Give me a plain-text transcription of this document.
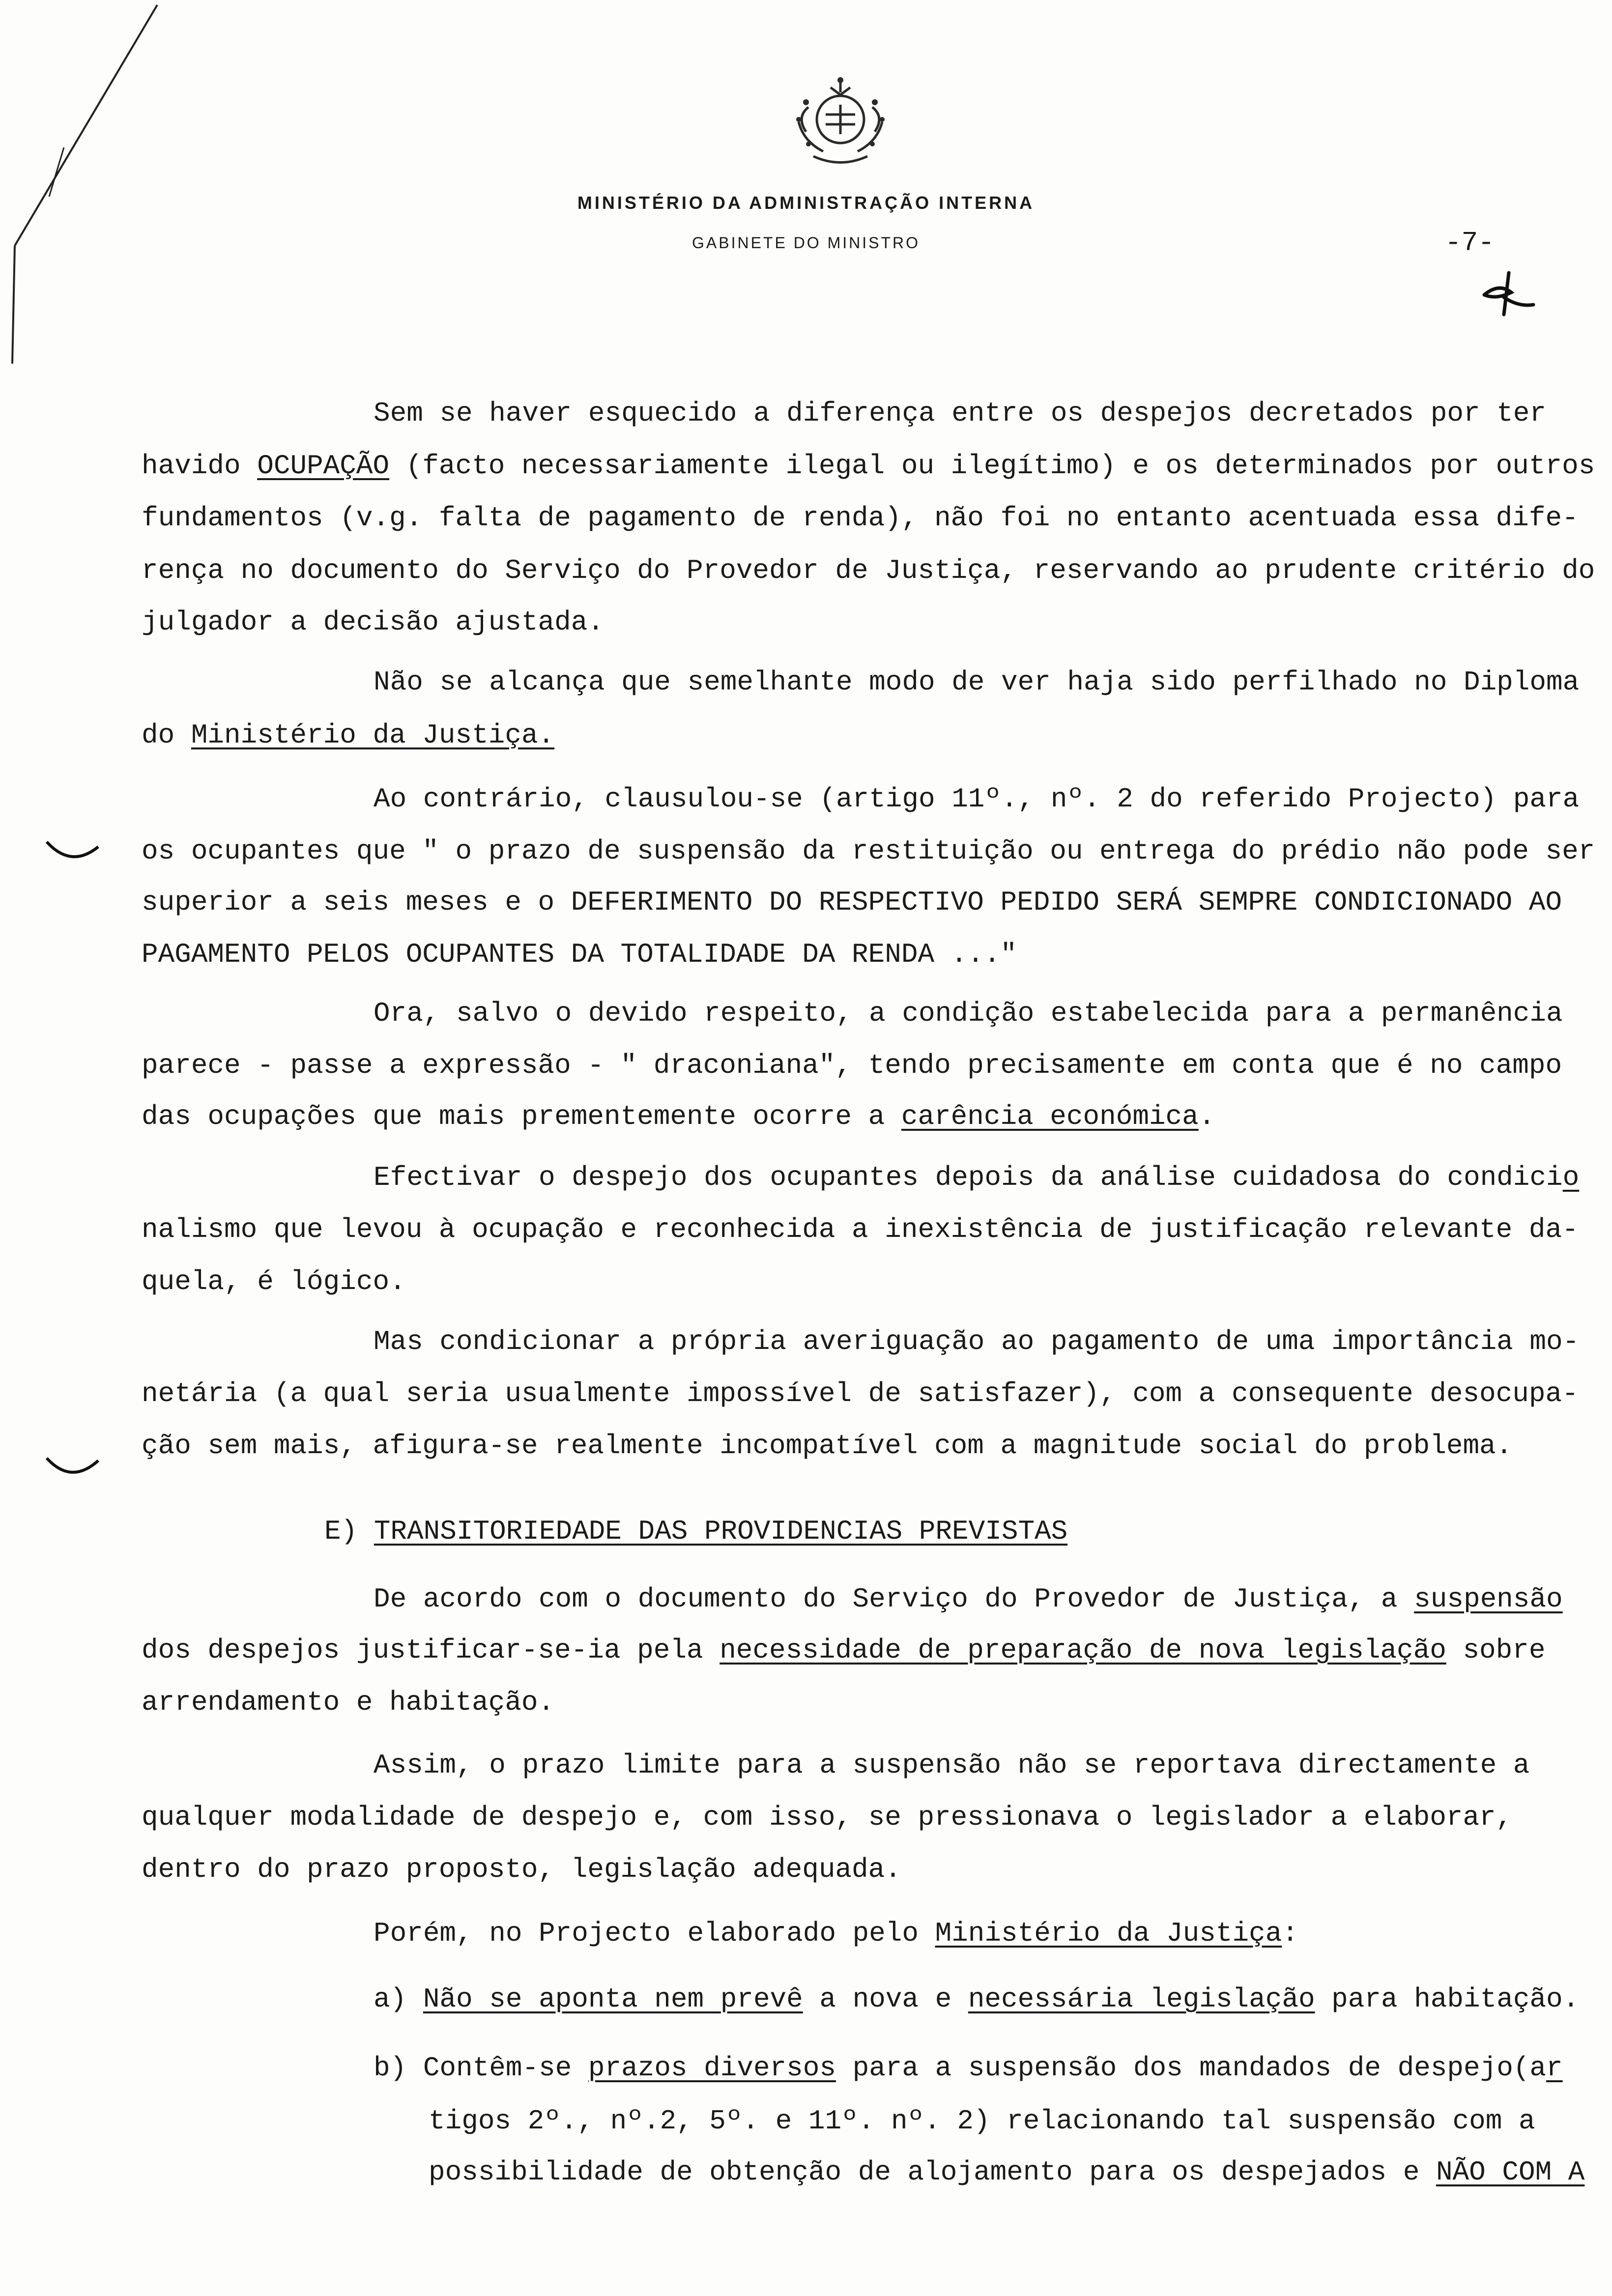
MINISTÉRIO DA ADMINISTRAÇÃO INTERNA
GABINETE DO MINISTRO	-7-
Sem se haver esquecido a diferença entre os despejos decretados por ter
havido OCUPAÇÃO (facto necessariamente ilegal ou ilegítimo) e os determinados por outros
fundamentos (v.g. falta de pagamento de renda), não foi no entanto acentuada essa dife-
rença no documento do Serviço do Provedor de Justiça, reservando ao prudente critério do
julgador a decisão ajustada.
Não se alcança que semelhante modo de ver haja sido perfilhado no Diploma
do Ministério da Justiça.
Ao contrário, clausulou-se (artigo 11º., nº. 2 do referido Projecto) para
os ocupantes que " o prazo de suspensão da restituição ou entrega do prédio não pode ser
superior a seis meses e o DEFERIMENTO DO RESPECTIVO PEDIDO SERÁ SEMPRE CONDICIONADO AO
PAGAMENTO PELOS OCUPANTES DA TOTALIDADE DA RENDA ..."
Ora, salvo o devido respeito, a condição estabelecida para a permanência
parece - passe a expressão - " draconiana", tendo precisamente em conta que é no campo
das ocupações que mais prementemente ocorre a carência económica.
Efectivar o despejo dos ocupantes depois da análise cuidadosa do condicio
nalismo que levou à ocupação e reconhecida a inexistência de justificação relevante da-
quela, é lógico.
Mas condicionar a própria averiguação ao pagamento de uma importância mo-
netária (a qual seria usualmente impossível de satisfazer), com a consequente desocupa-
ção sem mais, afigura-se realmente incompatível com a magnitude social do problema.
E) TRANSITORIEDADE DAS PROVIDENCIAS PREVISTAS
De acordo com o documento do Serviço do Provedor de Justiça, a suspensão
dos despejos justificar-se-ia pela necessidade de preparação de nova legislação sobre
arrendamento e habitação.
Assim, o prazo limite para a suspensão não se reportava directamente a
qualquer modalidade de despejo e, com isso, se pressionava o legislador a elaborar,
dentro do prazo proposto, legislação adequada.
Porém, no Projecto elaborado pelo Ministério da Justiça:
a) Não se aponta nem prevê a nova e necessária legislação para habitação.
b) Contêm-se prazos diversos para a suspensão dos mandados de despejo(ar
tigos 2º., nº.2, 5º. e 11º. nº. 2) relacionando tal suspensão com a
possibilidade de obtenção de alojamento para os despejados e NÃO COM A
